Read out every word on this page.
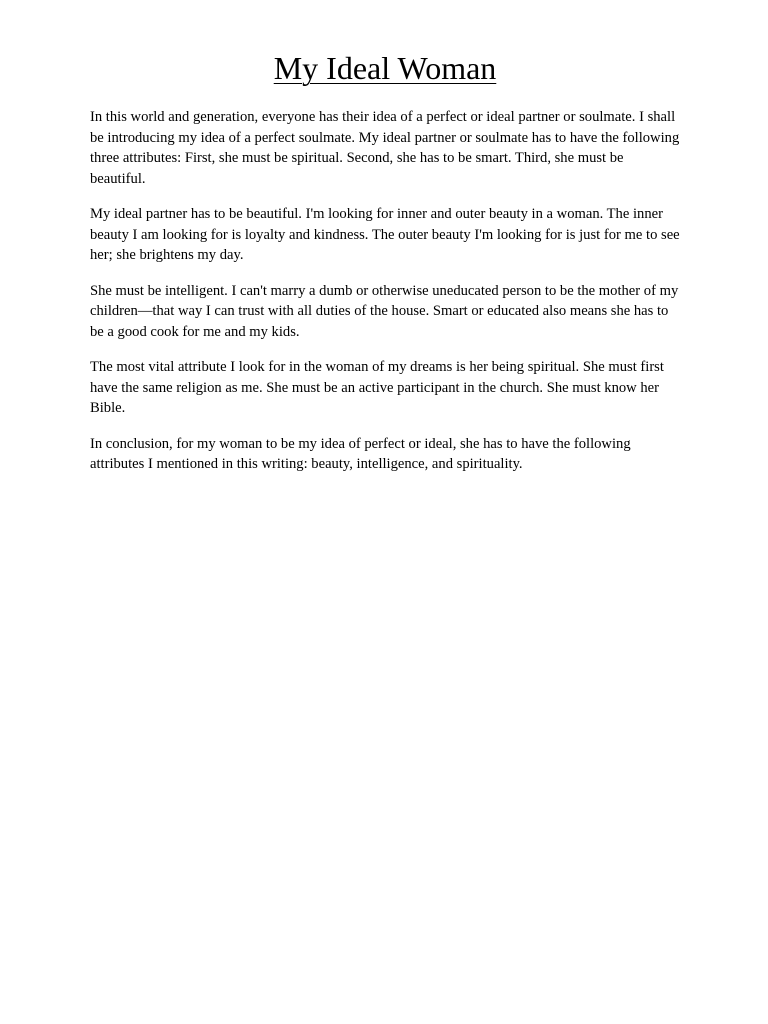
My Ideal Woman

In this world and generation, everyone has their idea of a perfect or ideal partner or soulmate. I shall be introducing my idea of a perfect soulmate. My ideal partner or soulmate has to have the following three attributes: First, she must be spiritual. Second, she has to be smart. Third, she must be beautiful.

My ideal partner has to be beautiful. I'm looking for inner and outer beauty in a woman. The inner beauty I am looking for is loyalty and kindness. The outer beauty I'm looking for is just for me to see her; she brightens my day.

She must be intelligent. I can't marry a dumb or otherwise uneducated person to be the mother of my children—that way I can trust with all duties of the house. Smart or educated also means she has to be a good cook for me and my kids.

The most vital attribute I look for in the woman of my dreams is her being spiritual. She must first have the same religion as me. She must be an active participant in the church. She must know her Bible.

In conclusion, for my woman to be my idea of perfect or ideal, she has to have the following attributes I mentioned in this writing: beauty, intelligence, and spirituality.
